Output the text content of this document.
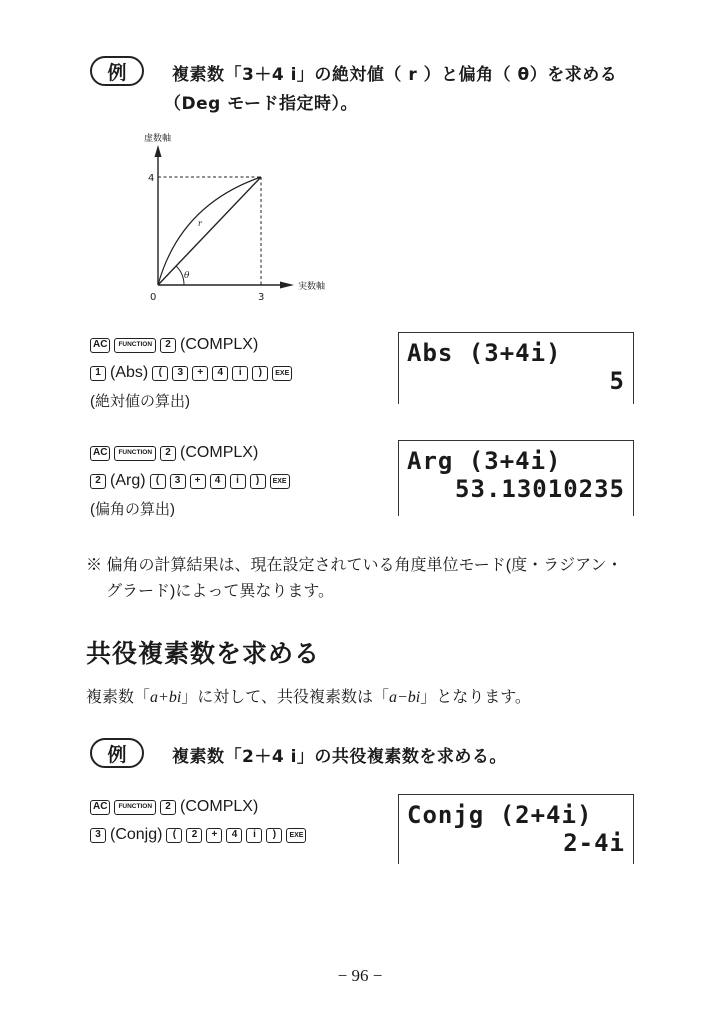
例	複素数「3＋4 i」の絶対値（ r ）と偏角（ θ）を求める
（Deg モード指定時）。
虚数軸
実数軸
θ
r
4
3
0
AC	FUNCTION	2 (COMPLX)
1 (Abs)	(	3	+	4	i	)	EXE
(絶対値の算出)
Abs (3+4i)
5
AC	FUNCTION	2 (COMPLX)
2 (Arg)	(	3	+	4	i	)	EXE
(偏角の算出)
Arg (3+4i)
53.13010235
※ 偏角の計算結果は、現在設定されている角度単位モード(度・ラジアン・
グラード)によって異なります。
共役複素数を求める
複素数「a+bi」に対して、共役複素数は「a−bi」となります。
例	複素数「2＋4 i」の共役複素数を求める。
AC	FUNCTION	2 (COMPLX)
3 (Conjg)	(	2	+	4	i	)	EXE
Conjg (2+4i)
2-4i
− 96 −
